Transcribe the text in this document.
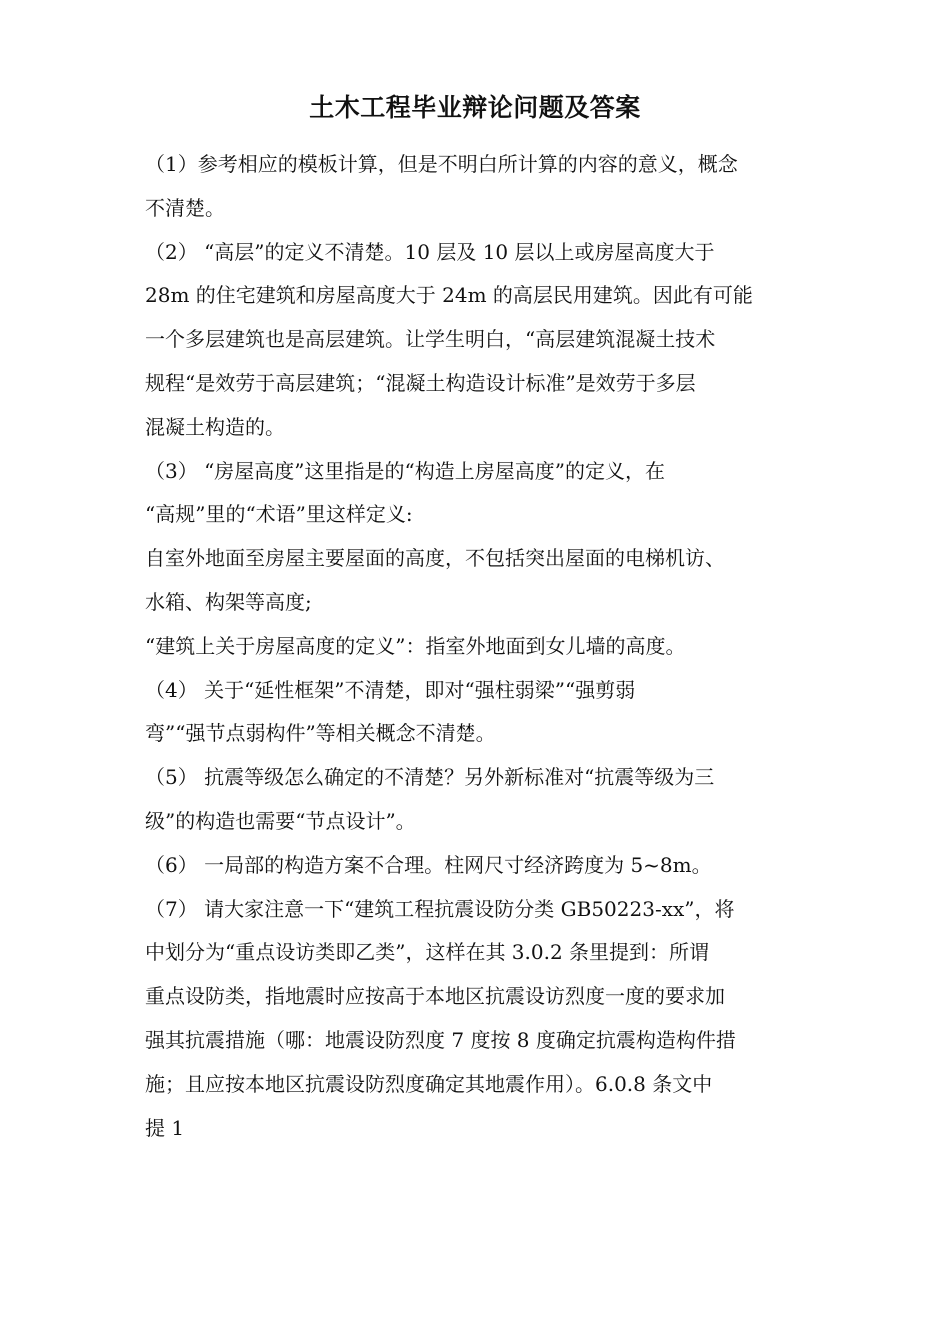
土木工程毕业辩论问题及答案
（1）参考相应的模板计算，但是不明白所计算的内容的意义，概念
不清楚。
（2） “高层”的定义不清楚。10 层及 10 层以上或房屋高度大于
28m 的住宅建筑和房屋高度大于 24m 的高层民用建筑。因此有可能
一个多层建筑也是高层建筑。让学生明白，“高层建筑混凝土技术
规程“是效劳于高层建筑；“混凝土构造设计标准”是效劳于多层
混凝土构造的。
（3） “房屋高度”这里指是的“构造上房屋高度”的定义，在
“高规”里的“术语”里这样定义:
自室外地面至房屋主要屋面的高度，不包括突出屋面的电梯机访、
水箱、构架等高度;
“建筑上关于房屋高度的定义”：指室外地面到女儿墙的高度。
（4） 关于“延性框架”不清楚，即对“强柱弱梁”“强剪弱
弯”“强节点弱构件”等相关概念不清楚。
（5） 抗震等级怎么确定的不清楚？另外新标准对“抗震等级为三
级”的构造也需要“节点设计”。
（6） 一局部的构造方案不合理。柱网尺寸经济跨度为 5~8m。
（7） 请大家注意一下“建筑工程抗震设防分类 GB50223-xx”，将
中划分为“重点设访类即乙类”，这样在其 3.0.2 条里提到：所谓
重点设防类，指地震时应按高于本地区抗震设访烈度一度的要求加
强其抗震措施（哪：地震设防烈度 7 度按 8 度确定抗震构造构件措
施；且应按本地区抗震设防烈度确定其地震作用）。6.0.8 条文中
提 1
